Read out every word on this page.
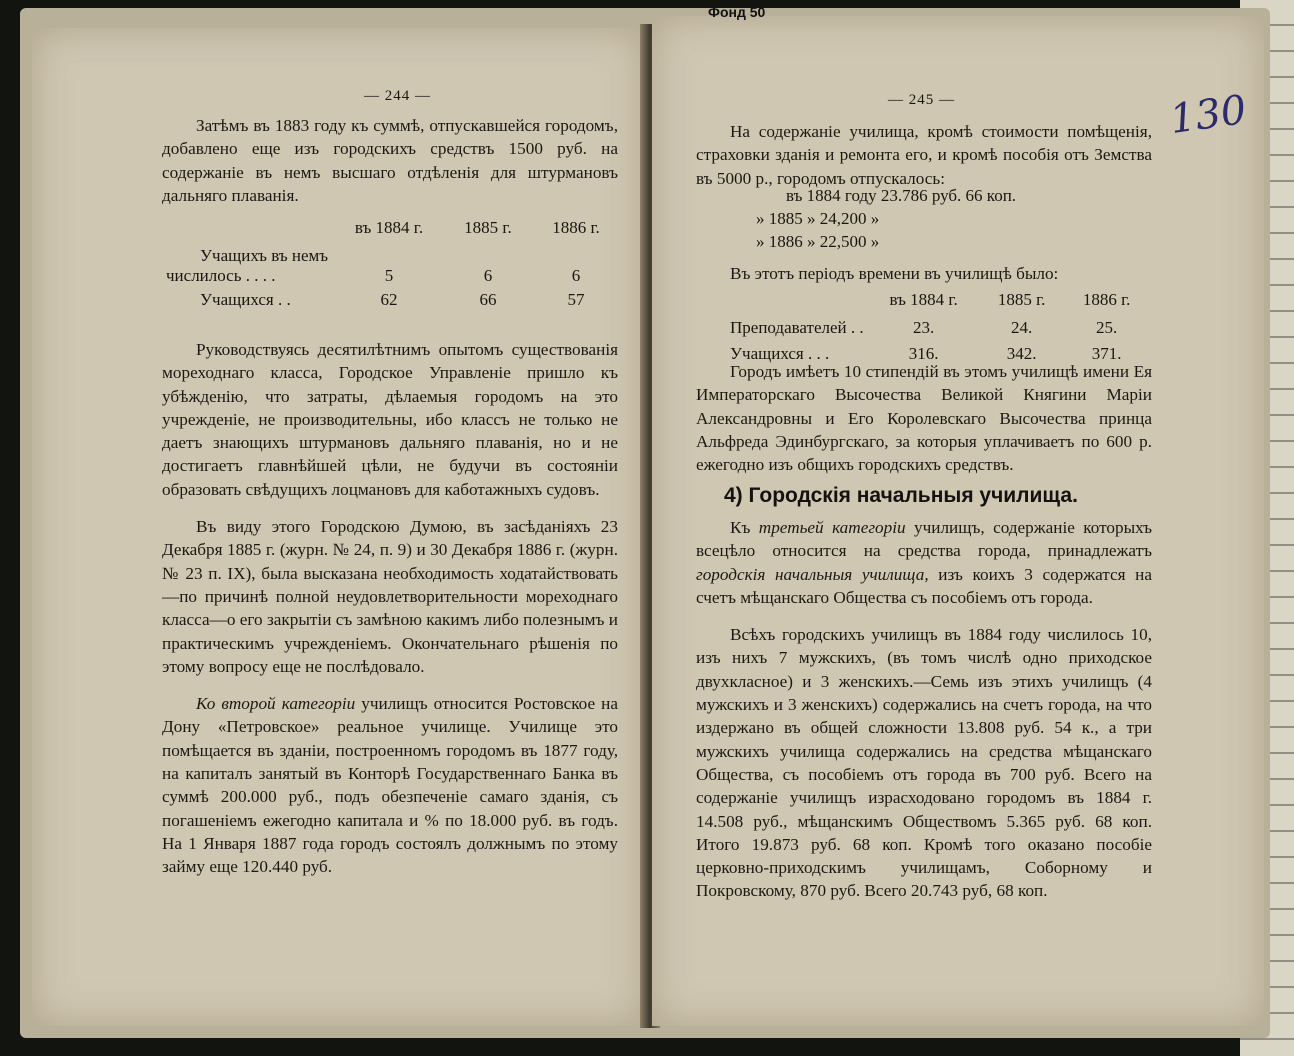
— 244 —

Затѣмъ въ 1883 году къ суммѣ, отпускавшейся городомъ, добавлено еще изъ городскихъ средствъ 1500 руб. на содержаніе въ немъ высшаго отдѣленія для штурмановъ дальняго плаванія.

	въ 1884 г.	1885 г.	1886 г.
Учащихъ въ немъ			
числилось . . . .	5	6	6
Учащихся . .	62	66	57

Руководствуясь десятилѣтнимъ опытомъ существованія мореходнаго класса, Городское Управленіе пришло къ убѣжденію, что затраты, дѣлаемыя городомъ на это учрежденіе, не производительны, ибо классъ не только не даетъ знающихъ штурмановъ дальняго плаванія, но и не достигаетъ главнѣйшей цѣли, не будучи въ состояніи образовать свѣдущихъ лоцмановъ для каботажныхъ судовъ.

Въ виду этого Городскою Думою, въ засѣданіяхъ 23 Декабря 1885 г. (журн. № 24, п. 9) и 30 Декабря 1886 г. (журн. № 23 п. IX), была высказана необходимость ходатайствовать—по причинѣ полной неудовлетворительности мореходнаго класса—о его закрытіи съ замѣною какимъ либо полезнымъ и практическимъ учрежденіемъ. Окончательнаго рѣшенія по этому вопросу еще не послѣдовало.

Ко второй категоріи училищъ относится Ростовское на Дону «Петровское» реальное училище. Училище это помѣщается въ зданіи, построенномъ городомъ въ 1877 году, на капиталъ занятый въ Конторѣ Государственнаго Банка въ суммѣ 200.000 руб., подъ обезпеченіе самаго зданія, съ погашеніемъ ежегодно капитала и % по 18.000 руб. въ годъ. На 1 Января 1887 года городъ состоялъ должнымъ по этому займу еще 120.440 руб.

Фонд 50
130
— 245 —

На содержаніе училища, кромѣ стоимости помѣщенія, страховки зданія и ремонта его, и кромѣ пособія отъ Земства въ 5000 р., городомъ отпускалось:

въ 1884 году 23.786 руб. 66 коп.
» 1885 » 24,200 »
» 1886 » 22,500 »

Въ этотъ періодъ времени въ училищѣ было:

	въ 1884 г.	1885 г.	1886 г.
Преподавателей . .	23.	24.	25.
Учащихся . . .	316.	342.	371.

Городъ имѣетъ 10 стипендій въ этомъ училищѣ имени Ея Императорскаго Высочества Великой Княгини Маріи Александровны и Его Королевскаго Высочества принца Альфреда Эдинбургскаго, за которыя уплачиваетъ по 600 р. ежегодно изъ общихъ городскихъ средствъ.

4) Городскія начальныя училища.

Къ третьей категоріи училищъ, содержаніе которыхъ всецѣло относится на средства города, принадлежатъ городскія начальныя училища, изъ коихъ 3 содержатся на счетъ мѣщанскаго Общества съ пособіемъ отъ города.

Всѣхъ городскихъ училищъ въ 1884 году числилось 10, изъ нихъ 7 мужскихъ, (въ томъ числѣ одно приходское двухкласное) и 3 женскихъ.—Семь изъ этихъ училищъ (4 мужскихъ и 3 женскихъ) содержались на счетъ города, на что издержано въ общей сложности 13.808 руб. 54 к., а три мужскихъ училища содержались на средства мѣщанскаго Общества, съ пособіемъ отъ города въ 700 руб. Всего на содержаніе училищъ израсходовано городомъ въ 1884 г. 14.508 руб., мѣщанскимъ Обществомъ 5.365 руб. 68 коп. Итого 19.873 руб. 68 коп. Кромѣ того оказано пособіе церковно-приходскимъ училищамъ, Соборному и Покровскому, 870 руб. Всего 20.743 руб, 68 коп.
